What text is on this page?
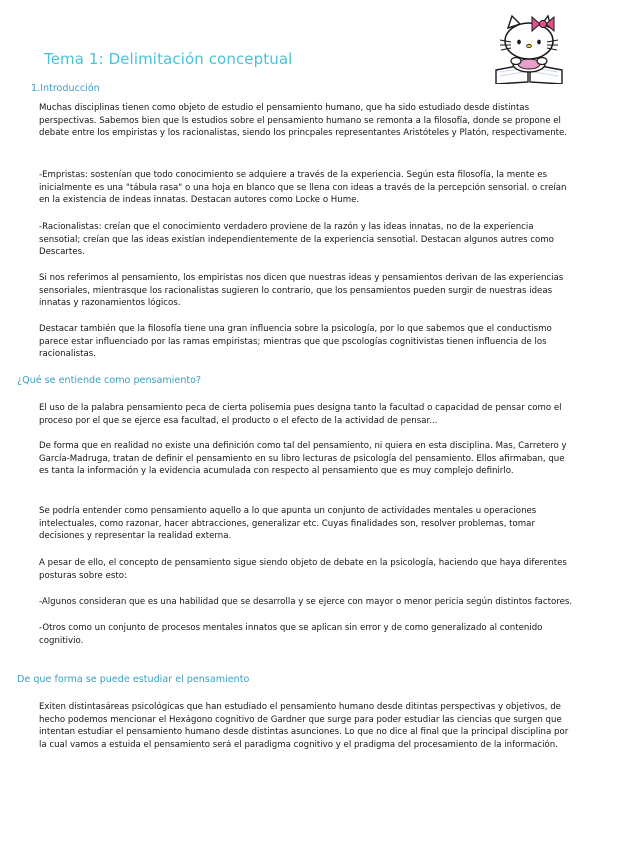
Tema 1: Delimitación conceptual
1.Introducción

Muchas disciplinas tienen como objeto de estudio el pensamiento humano, que ha sido estudiado desde distintas perspectivas. Sabemos bien que ls estudios sobre el pensamiento humano se remonta a la filosofía, donde se propone el debate entre los empiristas y los racionalistas, siendo los princpales representantes Aristóteles y Platón, respectivamente.

-Empristas: sostenían que todo conocimiento se adquiere a través de la experiencia. Según esta filosofía, la mente es inicialmente es una "tábula rasa" o una hoja en blanco que se llena con ideas a través de la percepción sensorial. o creían en la existencia de indeas innatas. Destacan autores como Locke o Hume.

-Racionalistas: creían que el conocimiento verdadero proviene de la razón y las ideas innatas, no de la experiencia sensotial; creían que las ideas existían independientemente de la experiencia sensotial. Destacan algunos autres como Descartes.

Si nos referimos al pensamiento, los empiristas nos dicen que nuestras ideas y pensamientos derivan de las experiencias sensoriales, mientrasque los racionalistas sugieren lo contrario, que los pensamientos pueden surgir de nuestras ideas innatas y razonamientos lógicos.

Destacar también que la filosofía tiene una gran influencia sobre la psicología, por lo que sabemos que el conductismo parece estar influenciado por las ramas empiristas; mientras que que pscologías cognitivistas tienen influencia de los racionalistas.

¿Qué se entiende como pensamiento?

El uso de la palabra pensamiento peca de cierta polisemia pues designa tanto la facultad o capacidad de pensar como el proceso por el que se ejerce esa facultad, el producto o el efecto de la actividad de pensar...

De forma que en realidad no existe una definición como tal del pensamiento, ni quiera en esta disciplina. Mas, Carretero y García-Madruga, tratan de definir el pensamiento en su libro lecturas de psicología del pensamiento. Ellos afirmaban, que es tanta la información y la evidencia acumulada con respecto al pensamiento que es muy complejo definirlo.

Se podría entender como pensamiento aquello a lo que apunta un conjunto de actividades mentales u operaciones intelectuales, como razonar, hacer abtracciones, generalizar etc. Cuyas finalidades son, resolver problemas, tomar decisiones y representar la realidad externa.

A pesar de ello, el concepto de pensamiento sigue siendo objeto de debate en la psicología, haciendo que haya diferentes posturas sobre esto:

-Algunos consideran que es una habilidad que se desarrolla y se ejerce con mayor o menor pericia según distintos factores.

-Otros como un conjunto de procesos mentales innatos que se aplican sin error y de como generalizado al contenido cognitivio.

De que forma se puede estudiar el pensamiento

Exiten distintasáreas psicológicas que han estudiado el pensamiento humano desde ditintas perspectivas y objetivos, de hecho podemos mencionar el Hexágono cognitivo de Gardner que surge para poder estudiar las ciencias que surgen que intentan estudiar el pensamiento humano desde distintas asunciones. Lo que no dice al final que la principal disciplina por la cual vamos a estuida el pensamiento será el paradigma cognitivo y el pradigma del procesamiento de la información.
